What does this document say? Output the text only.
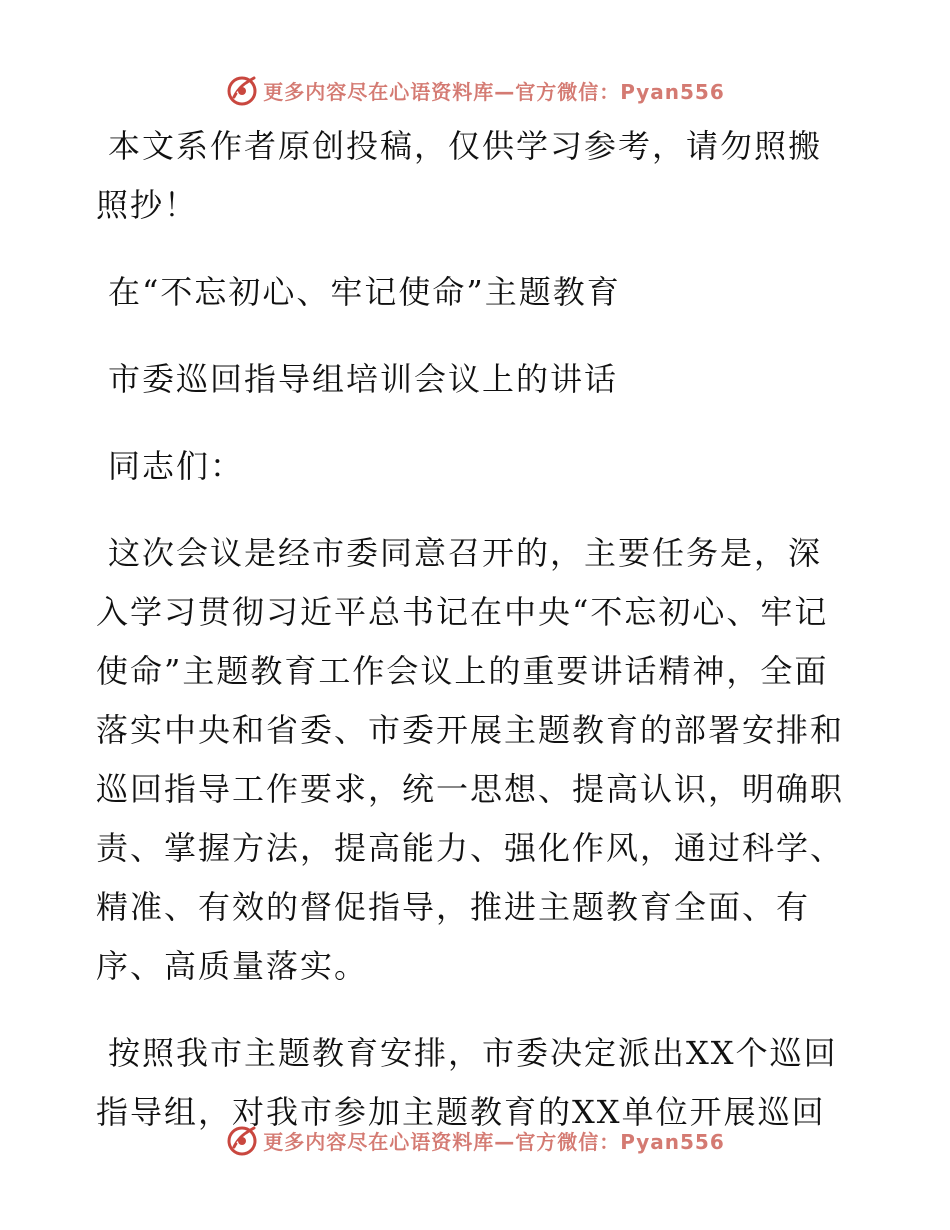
更多内容尽在心语资料库—官方微信：Pyan556

本文系作者原创投稿，仅供学习参考，请勿照搬

照抄！

在“不忘初心、牢记使命”主题教育

市委巡回指导组培训会议上的讲话

同志们：

这次会议是经市委同意召开的，主要任务是，深

入学习贯彻习近平总书记在中央“不忘初心、牢记

使命”主题教育工作会议上的重要讲话精神，全面

落实中央和省委、市委开展主题教育的部署安排和

巡回指导工作要求，统一思想、提高认识，明确职

责、掌握方法，提高能力、强化作风，通过科学、

精准、有效的督促指导，推进主题教育全面、有

序、高质量落实。

按照我市主题教育安排，市委决定派出XX个巡回

指导组，对我市参加主题教育的XX单位开展巡回

更多内容尽在心语资料库—官方微信：Pyan556
